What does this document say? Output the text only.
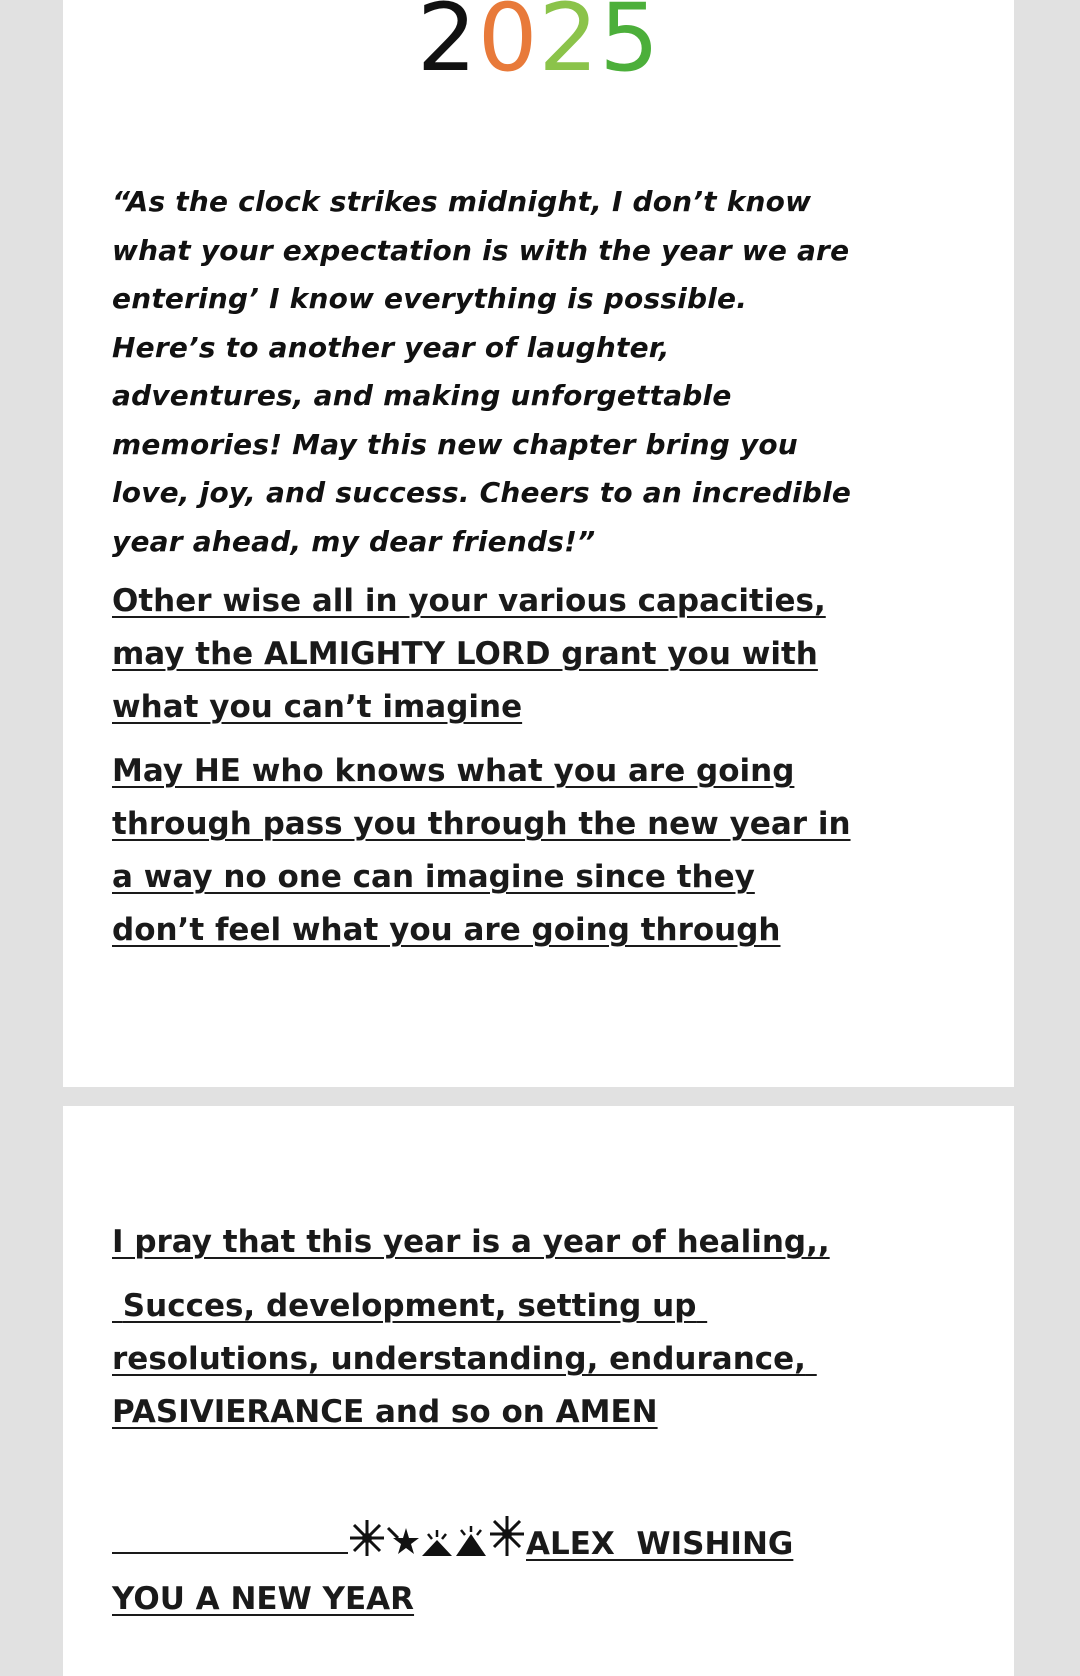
2025

“As the clock strikes midnight, I don’t know what your expectation is with the year we are entering’ I know everything is possible. Here’s to another year of laughter, adventures, and making unforgettable memories! May this new chapter bring you love, joy, and success. Cheers to an incredible year ahead, my dear friends!”

Other wise all in your various capacities, may the ALMIGHTY LORD grant you with what you can’t imagine

May HE who knows what you are going through pass you through the new year in a way no one can imagine since they don’t feel what you are going through

I pray that this year is a year of healing,,

Succes, development, setting up resolutions, understanding, endurance, PASIVIERANCE and so on AMEN

ALEX  WISHING
YOU A NEW YEAR
